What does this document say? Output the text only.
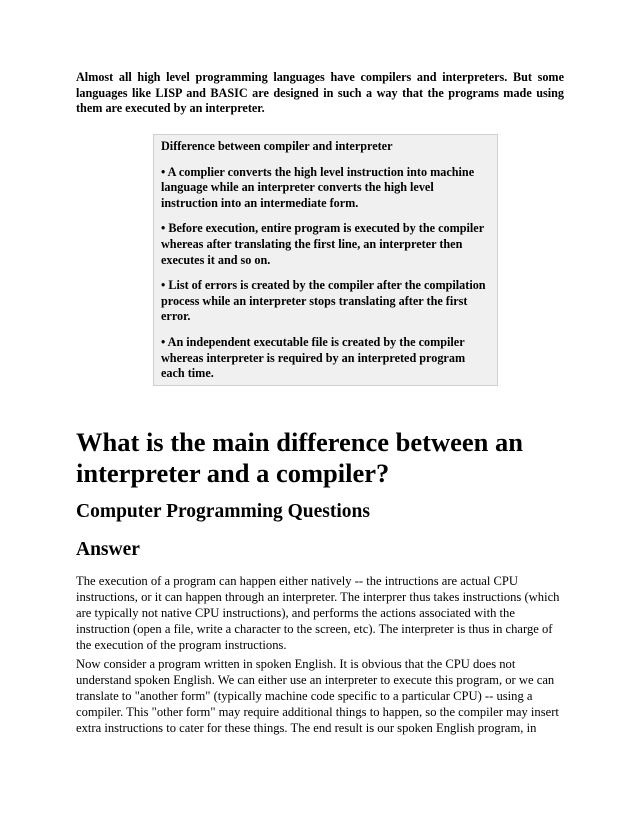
Almost all high level programming languages have compilers and interpreters. But some
languages like LISP and BASIC are designed in such a way that the programs made using
them are executed by an interpreter.
Difference between compiler and interpreter
• A complier converts the high level instruction into machine
language while an interpreter converts the high level
instruction into an intermediate form.
• Before execution, entire program is executed by the compiler
whereas after translating the first line, an interpreter then
executes it and so on.
• List of errors is created by the compiler after the compilation
process while an interpreter stops translating after the first
error.
• An independent executable file is created by the compiler
whereas interpreter is required by an interpreted program
each time.
What is the main difference between an
interpreter and a compiler?
Computer Programming Questions
Answer
The execution of a program can happen either natively -- the intructions are actual CPU
instructions, or it can happen through an interpreter. The interprer thus takes instructions (which
are typically not native CPU instructions), and performs the actions associated with the
instruction (open a file, write a character to the screen, etc). The interpreter is thus in charge of
the execution of the program instructions.
Now consider a program written in spoken English. It is obvious that the CPU does not
understand spoken English. We can either use an interpreter to execute this program, or we can
translate to "another form" (typically machine code specific to a particular CPU) -- using a
compiler. This "other form" may require additional things to happen, so the compiler may insert
extra instructions to cater for these things. The end result is our spoken English program, in
